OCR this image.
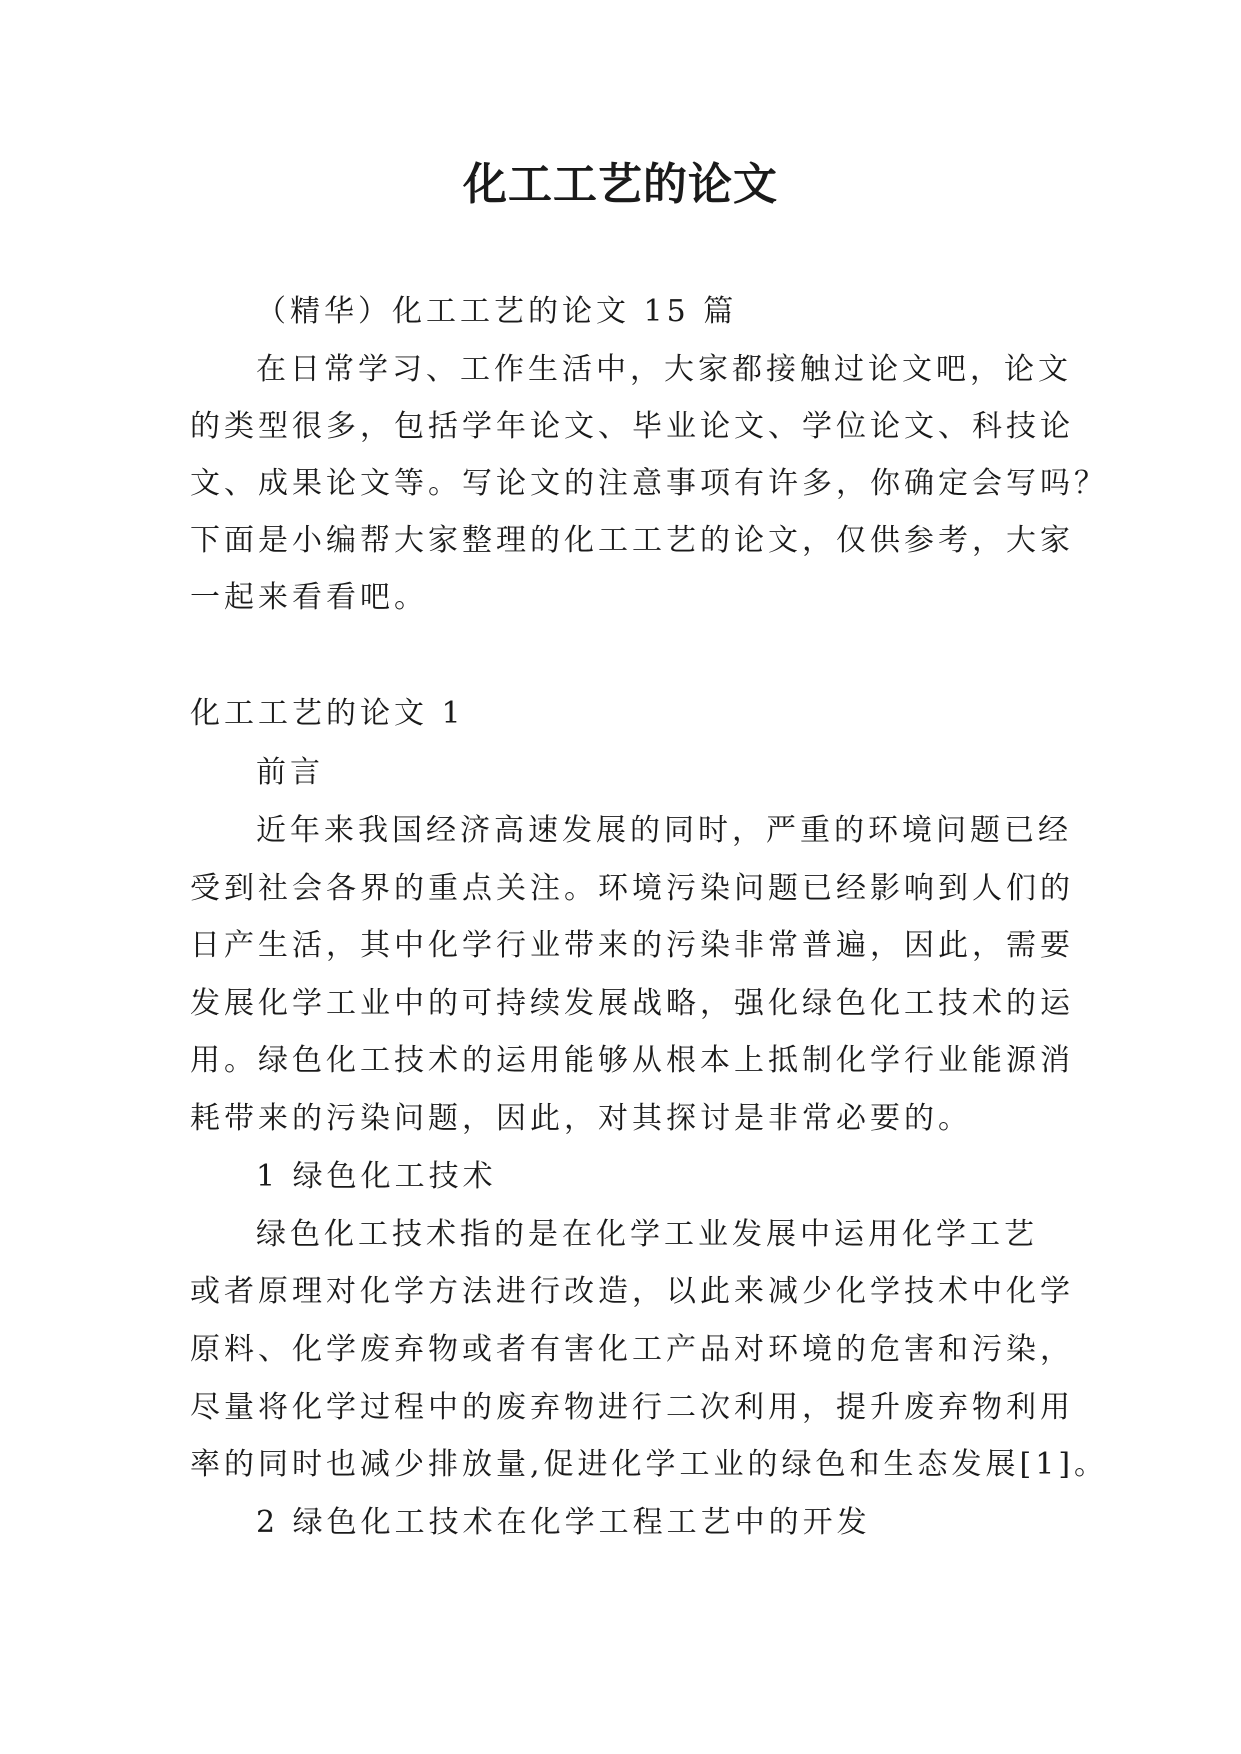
化工工艺的论文
（精华）化工工艺的论文 15 篇
在日常学习、工作生活中，大家都接触过论文吧，论文
的类型很多，包括学年论文、毕业论文、学位论文、科技论
文、成果论文等。写论文的注意事项有许多，你确定会写吗？
下面是小编帮大家整理的化工工艺的论文，仅供参考，大家
一起来看看吧。
化工工艺的论文 1
前言
近年来我国经济高速发展的同时，严重的环境问题已经
受到社会各界的重点关注。环境污染问题已经影响到人们的
日产生活，其中化学行业带来的污染非常普遍，因此，需要
发展化学工业中的可持续发展战略，强化绿色化工技术的运
用。绿色化工技术的运用能够从根本上抵制化学行业能源消
耗带来的污染问题，因此，对其探讨是非常必要的。
1 绿色化工技术
绿色化工技术指的是在化学工业发展中运用化学工艺
或者原理对化学方法进行改造，以此来减少化学技术中化学
原料、化学废弃物或者有害化工产品对环境的危害和污染，
尽量将化学过程中的废弃物进行二次利用，提升废弃物利用
率的同时也减少排放量,促进化学工业的绿色和生态发展[1]。
2 绿色化工技术在化学工程工艺中的开发
